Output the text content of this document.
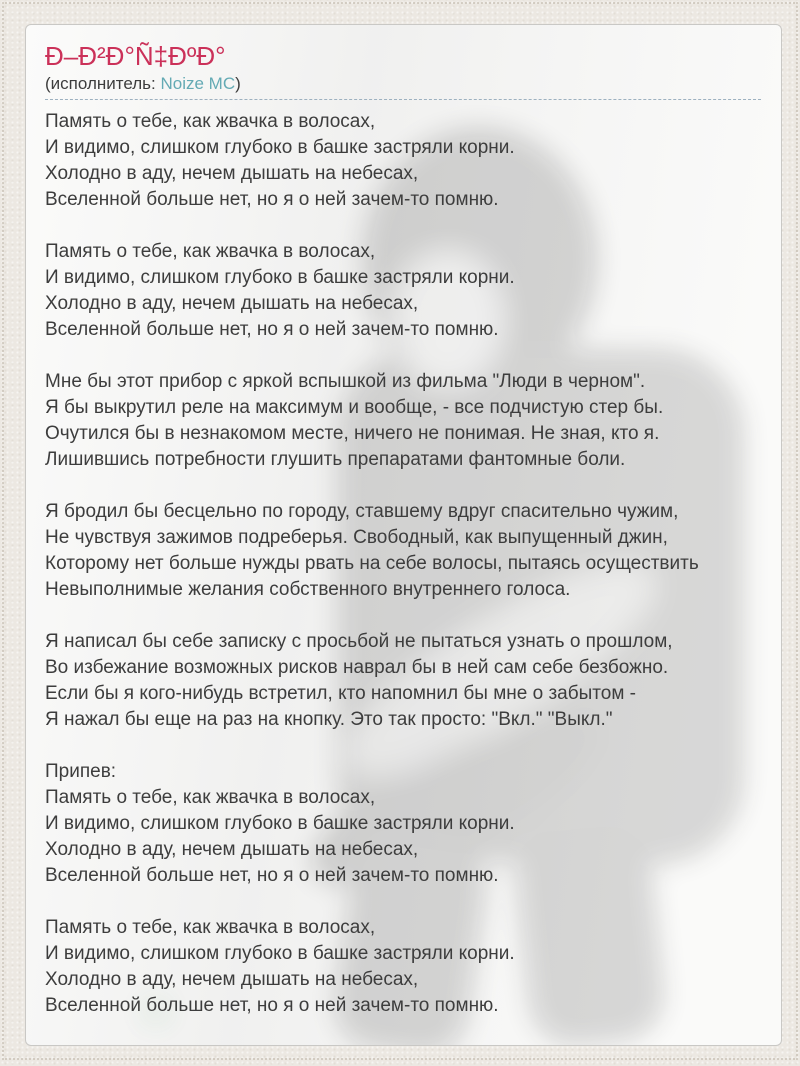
Ð–Ð²Ð°Ñ‡ÐºÐ°

(исполнитель: Noize MC)

Память о тебе, как жвачка в волосах,
И видимо, слишком глубоко в башке застряли корни.
Холодно в аду, нечем дышать на небесах,
Вселенной больше нет, но я о ней зачем-то помню.
Память о тебе, как жвачка в волосах,
И видимо, слишком глубоко в башке застряли корни.
Холодно в аду, нечем дышать на небесах,
Вселенной больше нет, но я о ней зачем-то помню.
Мне бы этот прибор с яркой вспышкой из фильма "Люди в черном".
Я бы выкрутил реле на максимум и вообще, - все подчистую стер бы.
Очутился бы в незнакомом месте, ничего не понимая. Не зная, кто я.
Лишившись потребности глушить препаратами фантомные боли.
Я бродил бы бесцельно по городу, ставшему вдруг спасительно чужим,
Не чувствуя зажимов подреберья. Свободный, как выпущенный джин,
Которому нет больше нужды рвать на себе волосы, пытаясь осуществить
Невыполнимые желания собственного внутреннего голоса.
Я написал бы себе записку с просьбой не пытаться узнать о прошлом,
Во избежание возможных рисков наврал бы в ней сам себе безбожно.
Если бы я кого-нибудь встретил, кто напомнил бы мне о забытом -
Я нажал бы еще на раз на кнопку. Это так просто: "Вкл." "Выкл."
Припев:
Память о тебе, как жвачка в волосах,
И видимо, слишком глубоко в башке застряли корни.
Холодно в аду, нечем дышать на небесах,
Вселенной больше нет, но я о ней зачем-то помню.
Память о тебе, как жвачка в волосах,
И видимо, слишком глубоко в башке застряли корни.
Холодно в аду, нечем дышать на небесах,
Вселенной больше нет, но я о ней зачем-то помню.
